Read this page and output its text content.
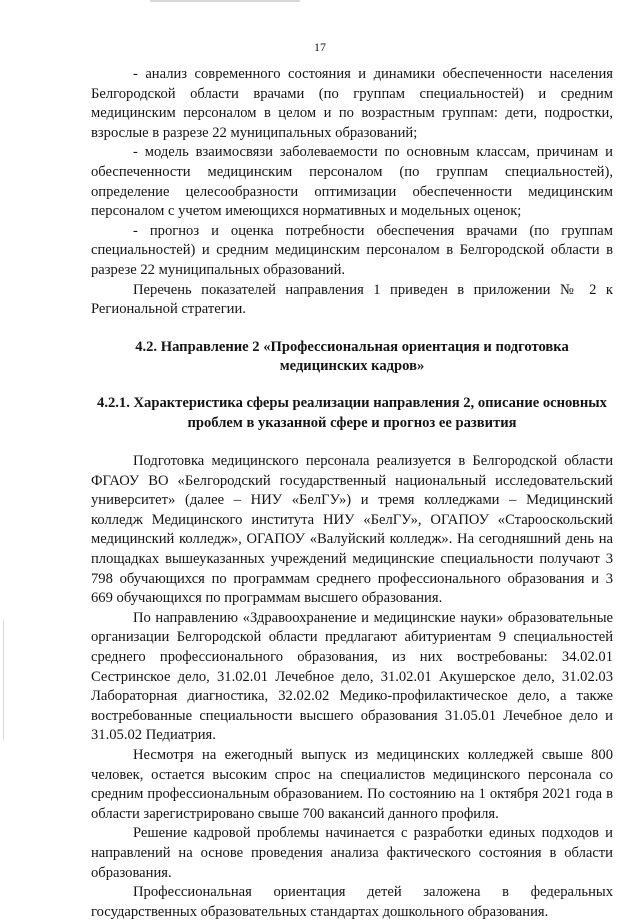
17

- анализ современного состояния и динамики обеспеченности населения Белгородской области врачами (по группам специальностей) и средним медицинским персоналом в целом и по возрастным группам: дети, подростки, взрослые в разрезе 22 муниципальных образований;

- модель взаимосвязи заболеваемости по основным классам, причинам и обеспеченности медицинским персоналом (по группам специальностей), определение целесообразности оптимизации обеспеченности медицинским персоналом с учетом имеющихся нормативных и модельных оценок;

- прогноз и оценка потребности обеспечения врачами (по группам специальностей) и средним медицинским персоналом в Белгородской области в разрезе 22 муниципальных образований.

Перечень показателей направления 1 приведен в приложении № 2 к Региональной стратегии.

4.2. Направление 2 «Профессиональная ориентация и подготовка медицинских кадров»

4.2.1. Характеристика сферы реализации направления 2, описание основных проблем в указанной сфере и прогноз ее развития

Подготовка медицинского персонала реализуется в Белгородской области ФГАОУ ВО «Белгородский государственный национальный исследовательский университет» (далее – НИУ «БелГУ») и тремя колледжами – Медицинский колледж Медицинского института НИУ «БелГУ», ОГАПОУ «Старооскольский медицинский колледж», ОГАПОУ «Валуйский колледж». На сегодняшний день на площадках вышеуказанных учреждений медицинские специальности получают 3 798 обучающихся по программам среднего профессионального образования и 3 669 обучающихся по программам высшего образования.

По направлению «Здравоохранение и медицинские науки» образовательные организации Белгородской области предлагают абитуриентам 9 специальностей среднего профессионального образования, из них востребованы: 34.02.01 Сестринское дело, 31.02.01 Лечебное дело, 31.02.01 Акушерское дело, 31.02.03 Лабораторная диагностика, 32.02.02 Медико-профилактическое дело, а также востребованные специальности высшего образования 31.05.01 Лечебное дело и 31.05.02 Педиатрия.

Несмотря на ежегодный выпуск из медицинских колледжей свыше 800 человек, остается высоким спрос на специалистов медицинского персонала со средним профессиональным образованием. По состоянию на 1 октября 2021 года в области зарегистрировано свыше 700 вакансий данного профиля.

Решение кадровой проблемы начинается с разработки единых подходов и направлений на основе проведения анализа фактического состояния в области образования.

Профессиональная ориентация детей заложена в федеральных государственных образовательных стандартах дошкольного образования.
